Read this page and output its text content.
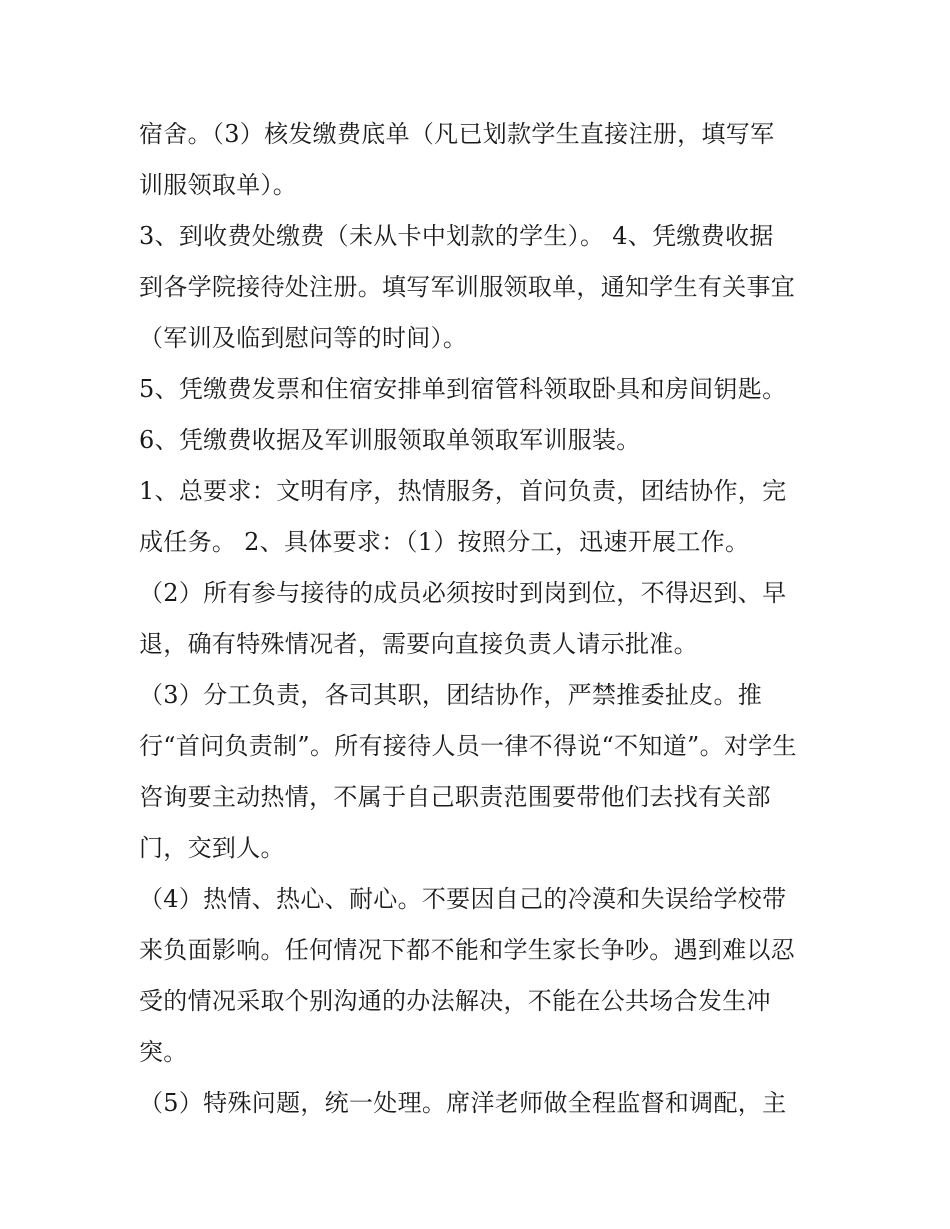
宿舍。（3）核发缴费底单（凡已划款学生直接注册，填写军
训服领取单）。
3、到收费处缴费（未从卡中划款的学生）。 4、凭缴费收据
到各学院接待处注册。填写军训服领取单，通知学生有关事宜
（军训及临到慰问等的时间）。
5、凭缴费发票和住宿安排单到宿管科领取卧具和房间钥匙。
6、凭缴费收据及军训服领取单领取军训服装。
1、总要求：文明有序，热情服务，首问负责，团结协作，完
成任务。 2、具体要求：（1）按照分工，迅速开展工作。
（2）所有参与接待的成员必须按时到岗到位，不得迟到、早
退，确有特殊情况者，需要向直接负责人请示批准。
（3）分工负责，各司其职，团结协作，严禁推委扯皮。推
行“首问负责制”。所有接待人员一律不得说“不知道”。对学生
咨询要主动热情，不属于自己职责范围要带他们去找有关部
门，交到人。
（4）热情、热心、耐心。不要因自己的冷漠和失误给学校带
来负面影响。任何情况下都不能和学生家长争吵。遇到难以忍
受的情况采取个别沟通的办法解决，不能在公共场合发生冲
突。
（5）特殊问题，统一处理。席洋老师做全程监督和调配，主
